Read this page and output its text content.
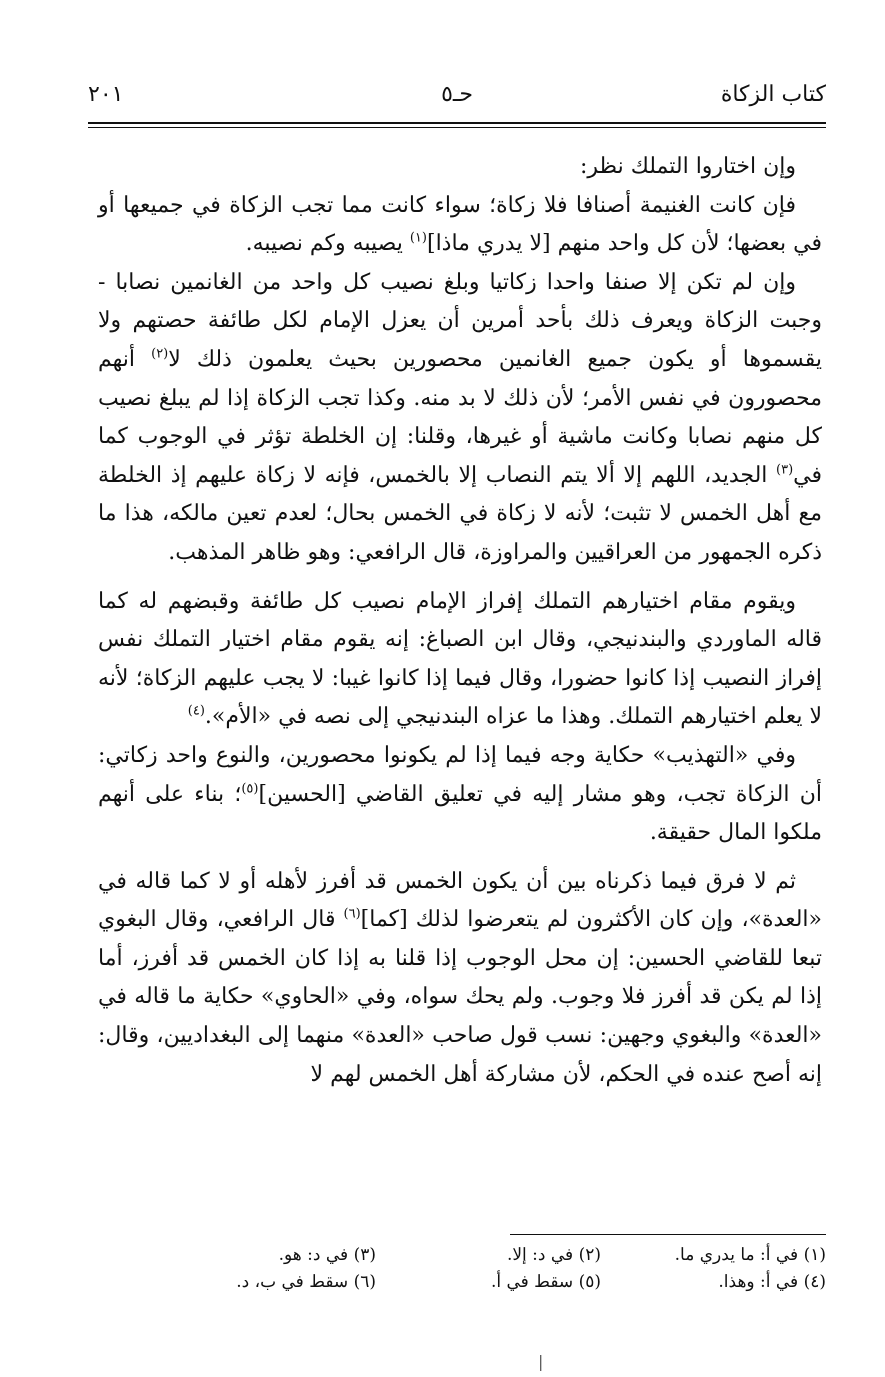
كتاب الزكاة
حـ٥
٢٠١

وإن اختاروا التملك نظر:

فإن كانت الغنيمة أصنافا فلا زكاة؛ سواء كانت مما تجب الزكاة في جميعها أو في بعضها؛ لأن كل واحد منهم [لا يدري ماذا]$^{(١)}$ يصيبه وكم نصيبه.

وإن لم تكن إلا صنفا واحدا زكاتيا وبلغ نصيب كل واحد من الغانمين نصابا - وجبت الزكاة ويعرف ذلك بأحد أمرين أن يعزل الإمام لكل طائفة حصتهم ولا يقسموها أو يكون جميع الغانمين محصورين بحيث يعلمون ذلك لا$^{(٢)}$ أنهم محصورون في نفس الأمر؛ لأن ذلك لا بد منه. وكذا تجب الزكاة إذا لم يبلغ نصيب كل منهم نصابا وكانت ماشية أو غيرها، وقلنا: إن الخلطة تؤثر في الوجوب كما في$^{(٣)}$ الجديد، اللهم إلا ألا يتم النصاب إلا بالخمس، فإنه لا زكاة عليهم إذ الخلطة مع أهل الخمس لا تثبت؛ لأنه لا زكاة في الخمس بحال؛ لعدم تعين مالكه، هذا ما ذكره الجمهور من العراقيين والمراوزة، قال الرافعي: وهو ظاهر المذهب.

ويقوم مقام اختيارهم التملك إفراز الإمام نصيب كل طائفة وقبضهم له كما قاله الماوردي والبندنيجي، وقال ابن الصباغ: إنه يقوم مقام اختيار التملك نفس إفراز النصيب إذا كانوا حضورا، وقال فيما إذا كانوا غيبا: لا يجب عليهم الزكاة؛ لأنه لا يعلم اختيارهم التملك. وهذا ما عزاه البندنيجي إلى نصه في «الأم».$^{(٤)}$

وفي «التهذيب» حكاية وجه فيما إذا لم يكونوا محصورين، والنوع واحد زكاتي: أن الزكاة تجب، وهو مشار إليه في تعليق القاضي [الحسين]$^{(٥)}$؛ بناء على أنهم ملكوا المال حقيقة.

ثم لا فرق فيما ذكرناه بين أن يكون الخمس قد أفرز لأهله أو لا كما قاله في «العدة»، وإن كان الأكثرون لم يتعرضوا لذلك [كما]$^{(٦)}$ قال الرافعي، وقال البغوي تبعا للقاضي الحسين: إن محل الوجوب إذا قلنا به إذا كان الخمس قد أفرز، أما إذا لم يكن قد أفرز فلا وجوب. ولم يحك سواه، وفي «الحاوي» حكاية ما قاله في «العدة» والبغوي وجهين: نسب قول صاحب «العدة» منهما إلى البغداديين، وقال: إنه أصح عنده في الحكم، لأن مشاركة أهل الخمس لهم لا

(١) في أ: ما يدري ما.
(٢) في د: إلا.
(٣) في د: هو.
(٤) في أ: وهذا.
(٥) سقط في أ.
(٦) سقط في ب، د.
|
